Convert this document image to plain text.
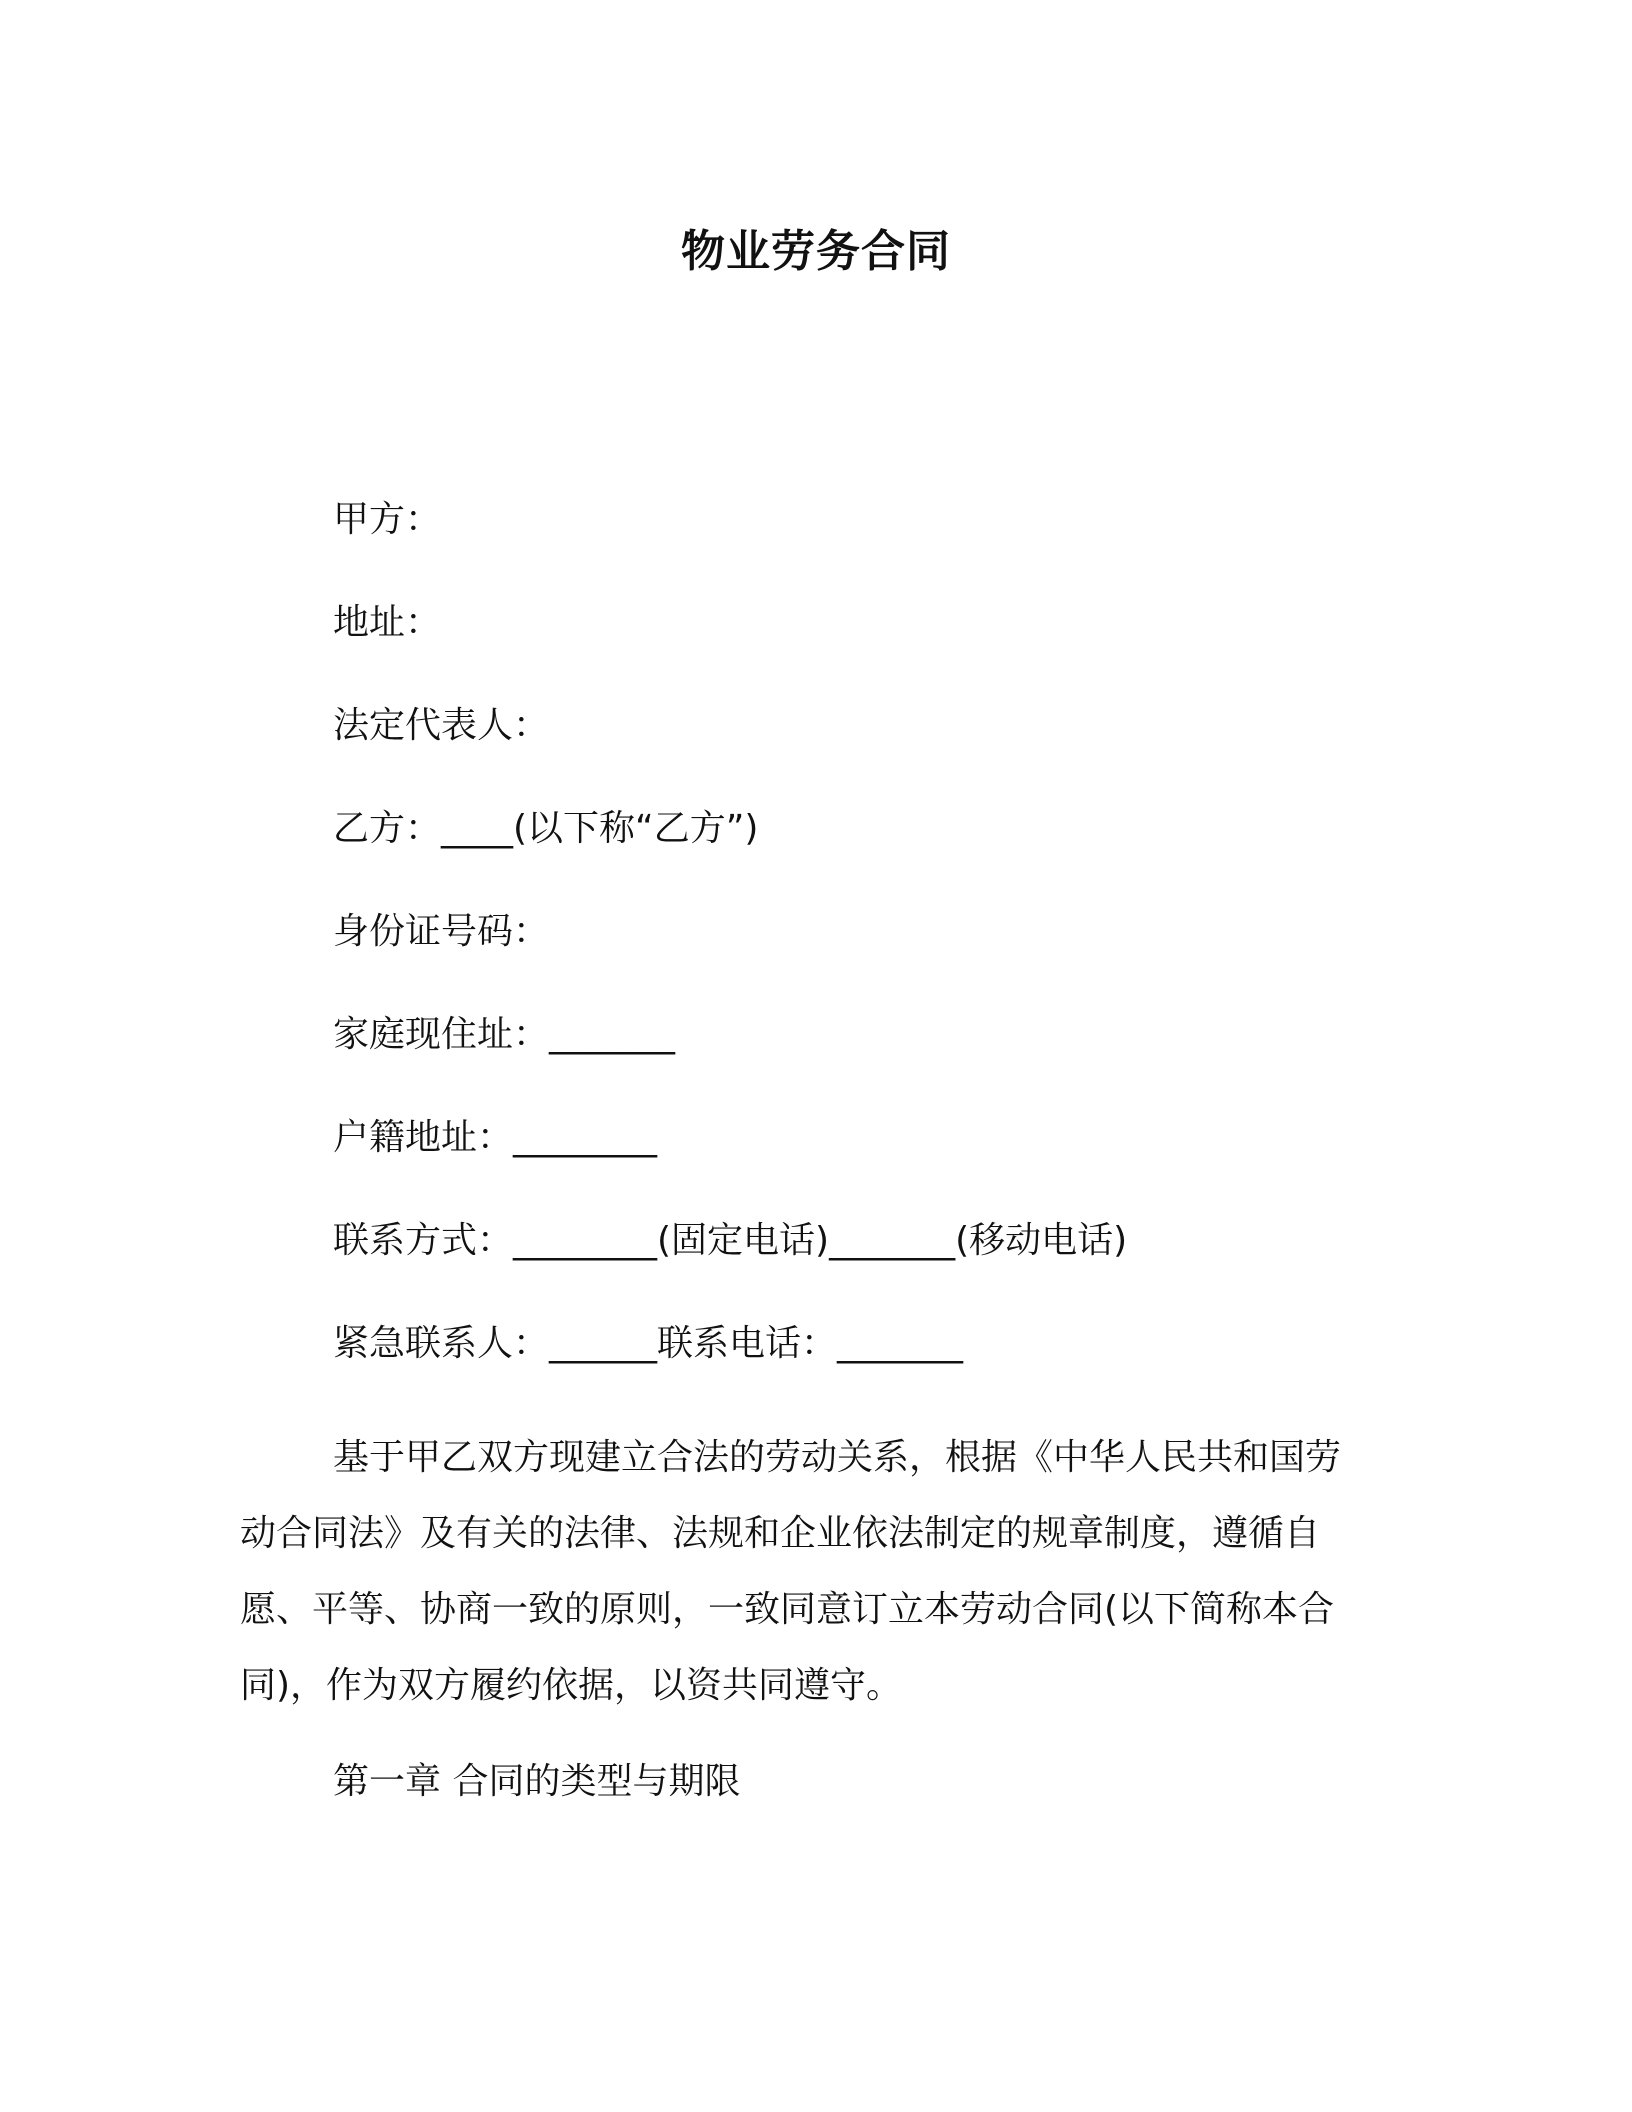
物业劳务合同
甲方：
地址：
法定代表人：
乙方：____(以下称“乙方”)
身份证号码：
家庭现住址：_______
户籍地址：________
联系方式：________(固定电话)_______(移动电话)
紧急联系人：______联系电话：_______
基于甲乙双方现建立合法的劳动关系，根据《中华人民共和国劳
动合同法》及有关的法律、法规和企业依法制定的规章制度，遵循自
愿、平等、协商一致的原则，一致同意订立本劳动合同(以下简称本合
同)，作为双方履约依据，以资共同遵守。
第一章 合同的类型与期限
